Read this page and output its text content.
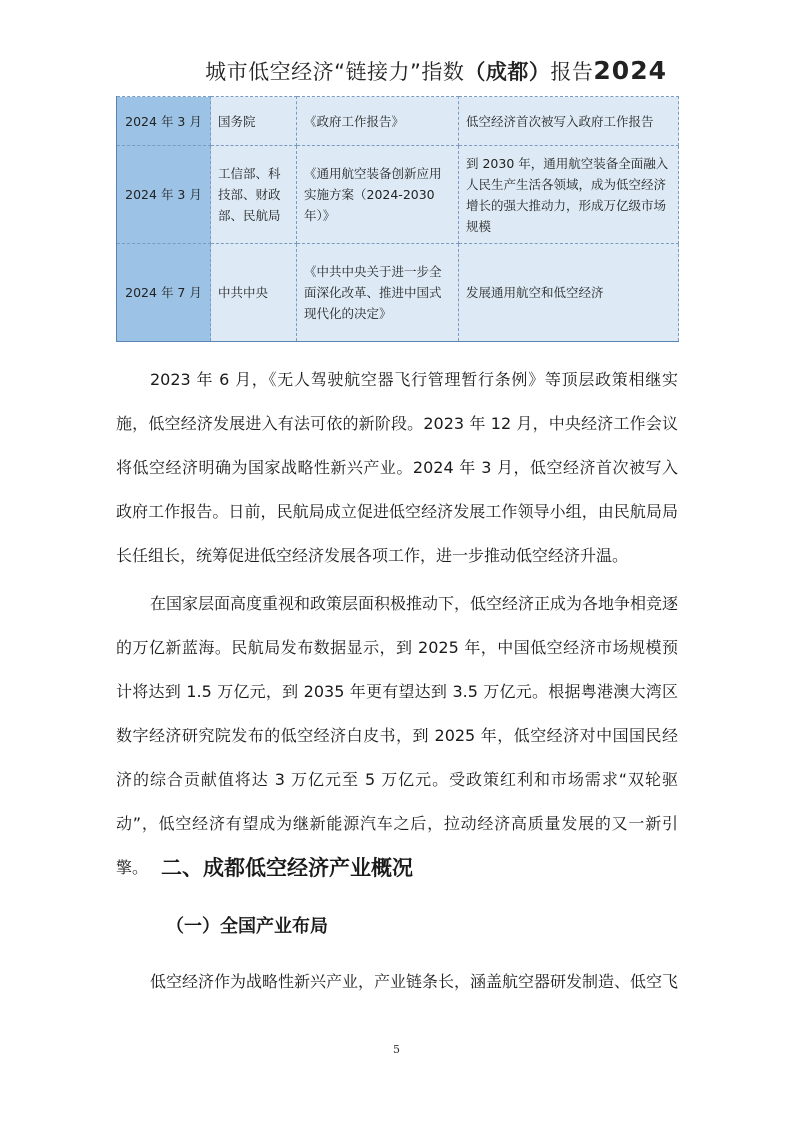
城市低空经济“链接力”指数（成都）报告2024
2024 年 3 月	国务院	《政府工作报告》	低空经济首次被写入政府工作报告
2024 年 3 月	工信部、科技部、财政部、民航局	《通用航空装备创新应用实施方案（2024-2030 年）》	到 2030 年，通用航空装备全面融入人民生产生活各领域，成为低空经济增长的强大推动力，形成万亿级市场规模
2024 年 7 月	中共中央	《中共中央关于进一步全面深化改革、推进中国式现代化的决定》	发展通用航空和低空经济

2023 年 6 月，《无人驾驶航空器飞行管理暂行条例》等顶层政策相继实施，低空经济发展进入有法可依的新阶段。2023 年 12 月，中央经济工作会议将低空经济明确为国家战略性新兴产业。2024 年 3 月，低空经济首次被写入政府工作报告。日前，民航局成立促进低空经济发展工作领导小组，由民航局局长任组长，统筹促进低空经济发展各项工作，进一步推动低空经济升温。

在国家层面高度重视和政策层面积极推动下，低空经济正成为各地争相竞逐的万亿新蓝海。民航局发布数据显示，到 2025 年，中国低空经济市场规模预计将达到 1.5 万亿元，到 2035 年更有望达到 3.5 万亿元。根据粤港澳大湾区数字经济研究院发布的低空经济白皮书，到 2025 年，低空经济对中国国民经济的综合贡献值将达 3 万亿元至 5 万亿元。受政策红利和市场需求“双轮驱动”，低空经济有望成为继新能源汽车之后，拉动经济高质量发展的又一新引擎。 二、成都低空经济产业概况
（一）全国产业布局

低空经济作为战略性新兴产业，产业链条长，涵盖航空器研发制造、低空飞

5
